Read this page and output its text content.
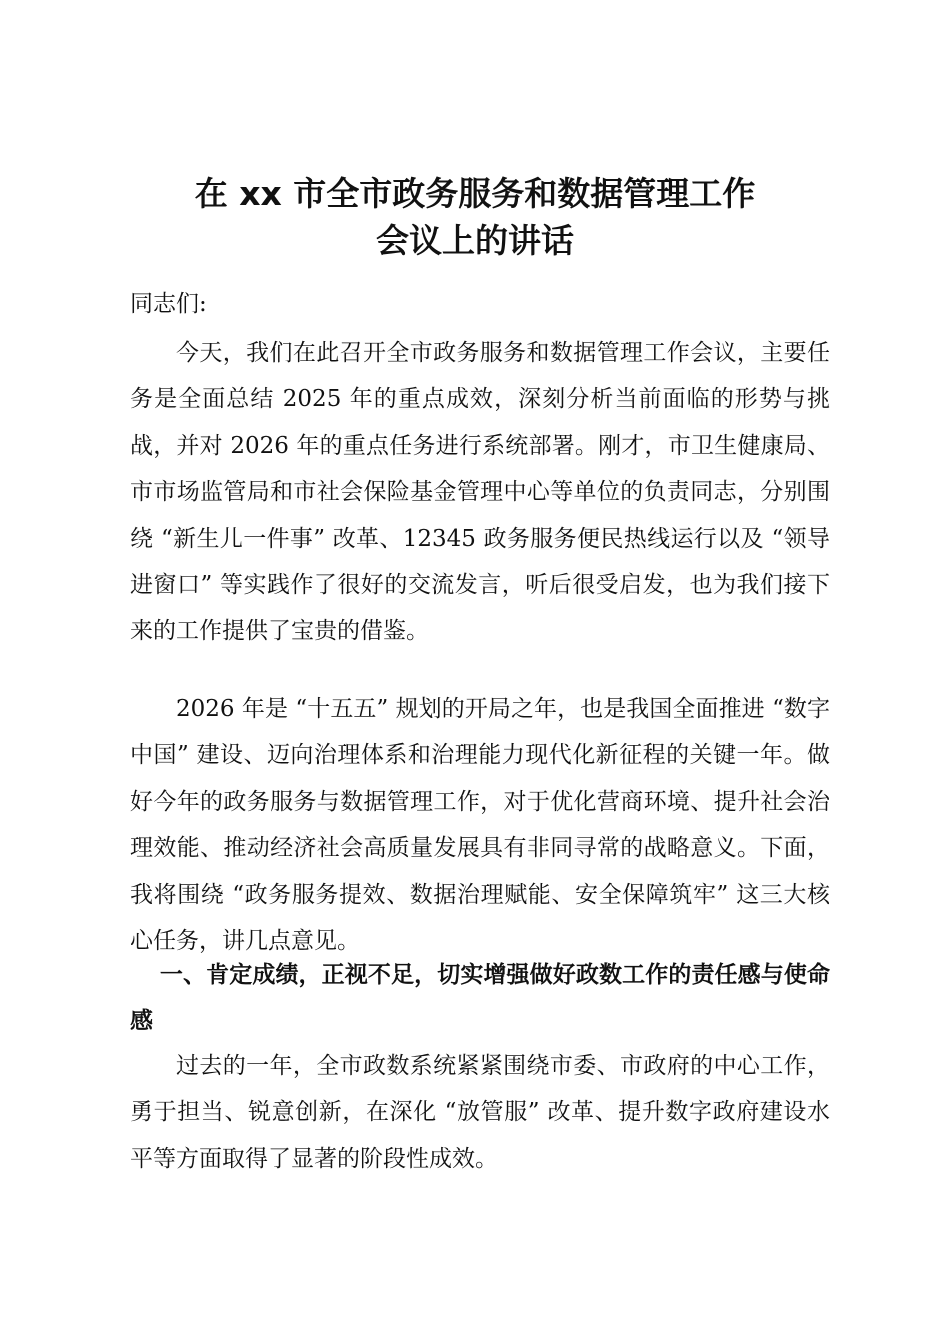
在 xx 市全市政务服务和数据管理工作
会议上的讲话

同志们:

今天，我们在此召开全市政务服务和数据管理工作会议，主要任务是全面总结 2025 年的重点成效，深刻分析当前面临的形势与挑战，并对 2026 年的重点任务进行系统部署。刚才，市卫生健康局、市市场监管局和市社会保险基金管理中心等单位的负责同志，分别围绕 “新生儿一件事” 改革、12345 政务服务便民热线运行以及 “领导进窗口” 等实践作了很好的交流发言，听后很受启发，也为我们接下来的工作提供了宝贵的借鉴。

2026 年是 “十五五” 规划的开局之年，也是我国全面推进 “数字中国” 建设、迈向治理体系和治理能力现代化新征程的关键一年。做好今年的政务服务与数据管理工作，对于优化营商环境、提升社会治理效能、推动经济社会高质量发展具有非同寻常的战略意义。下面，我将围绕 “政务服务提效、数据治理赋能、安全保障筑牢” 这三大核心任务，讲几点意见。

一、肯定成绩，正视不足，切实增强做好政数工作的责任感与使命感

过去的一年，全市政数系统紧紧围绕市委、市政府的中心工作，勇于担当、锐意创新，在深化 “放管服” 改革、提升数字政府建设水平等方面取得了显著的阶段性成效。
